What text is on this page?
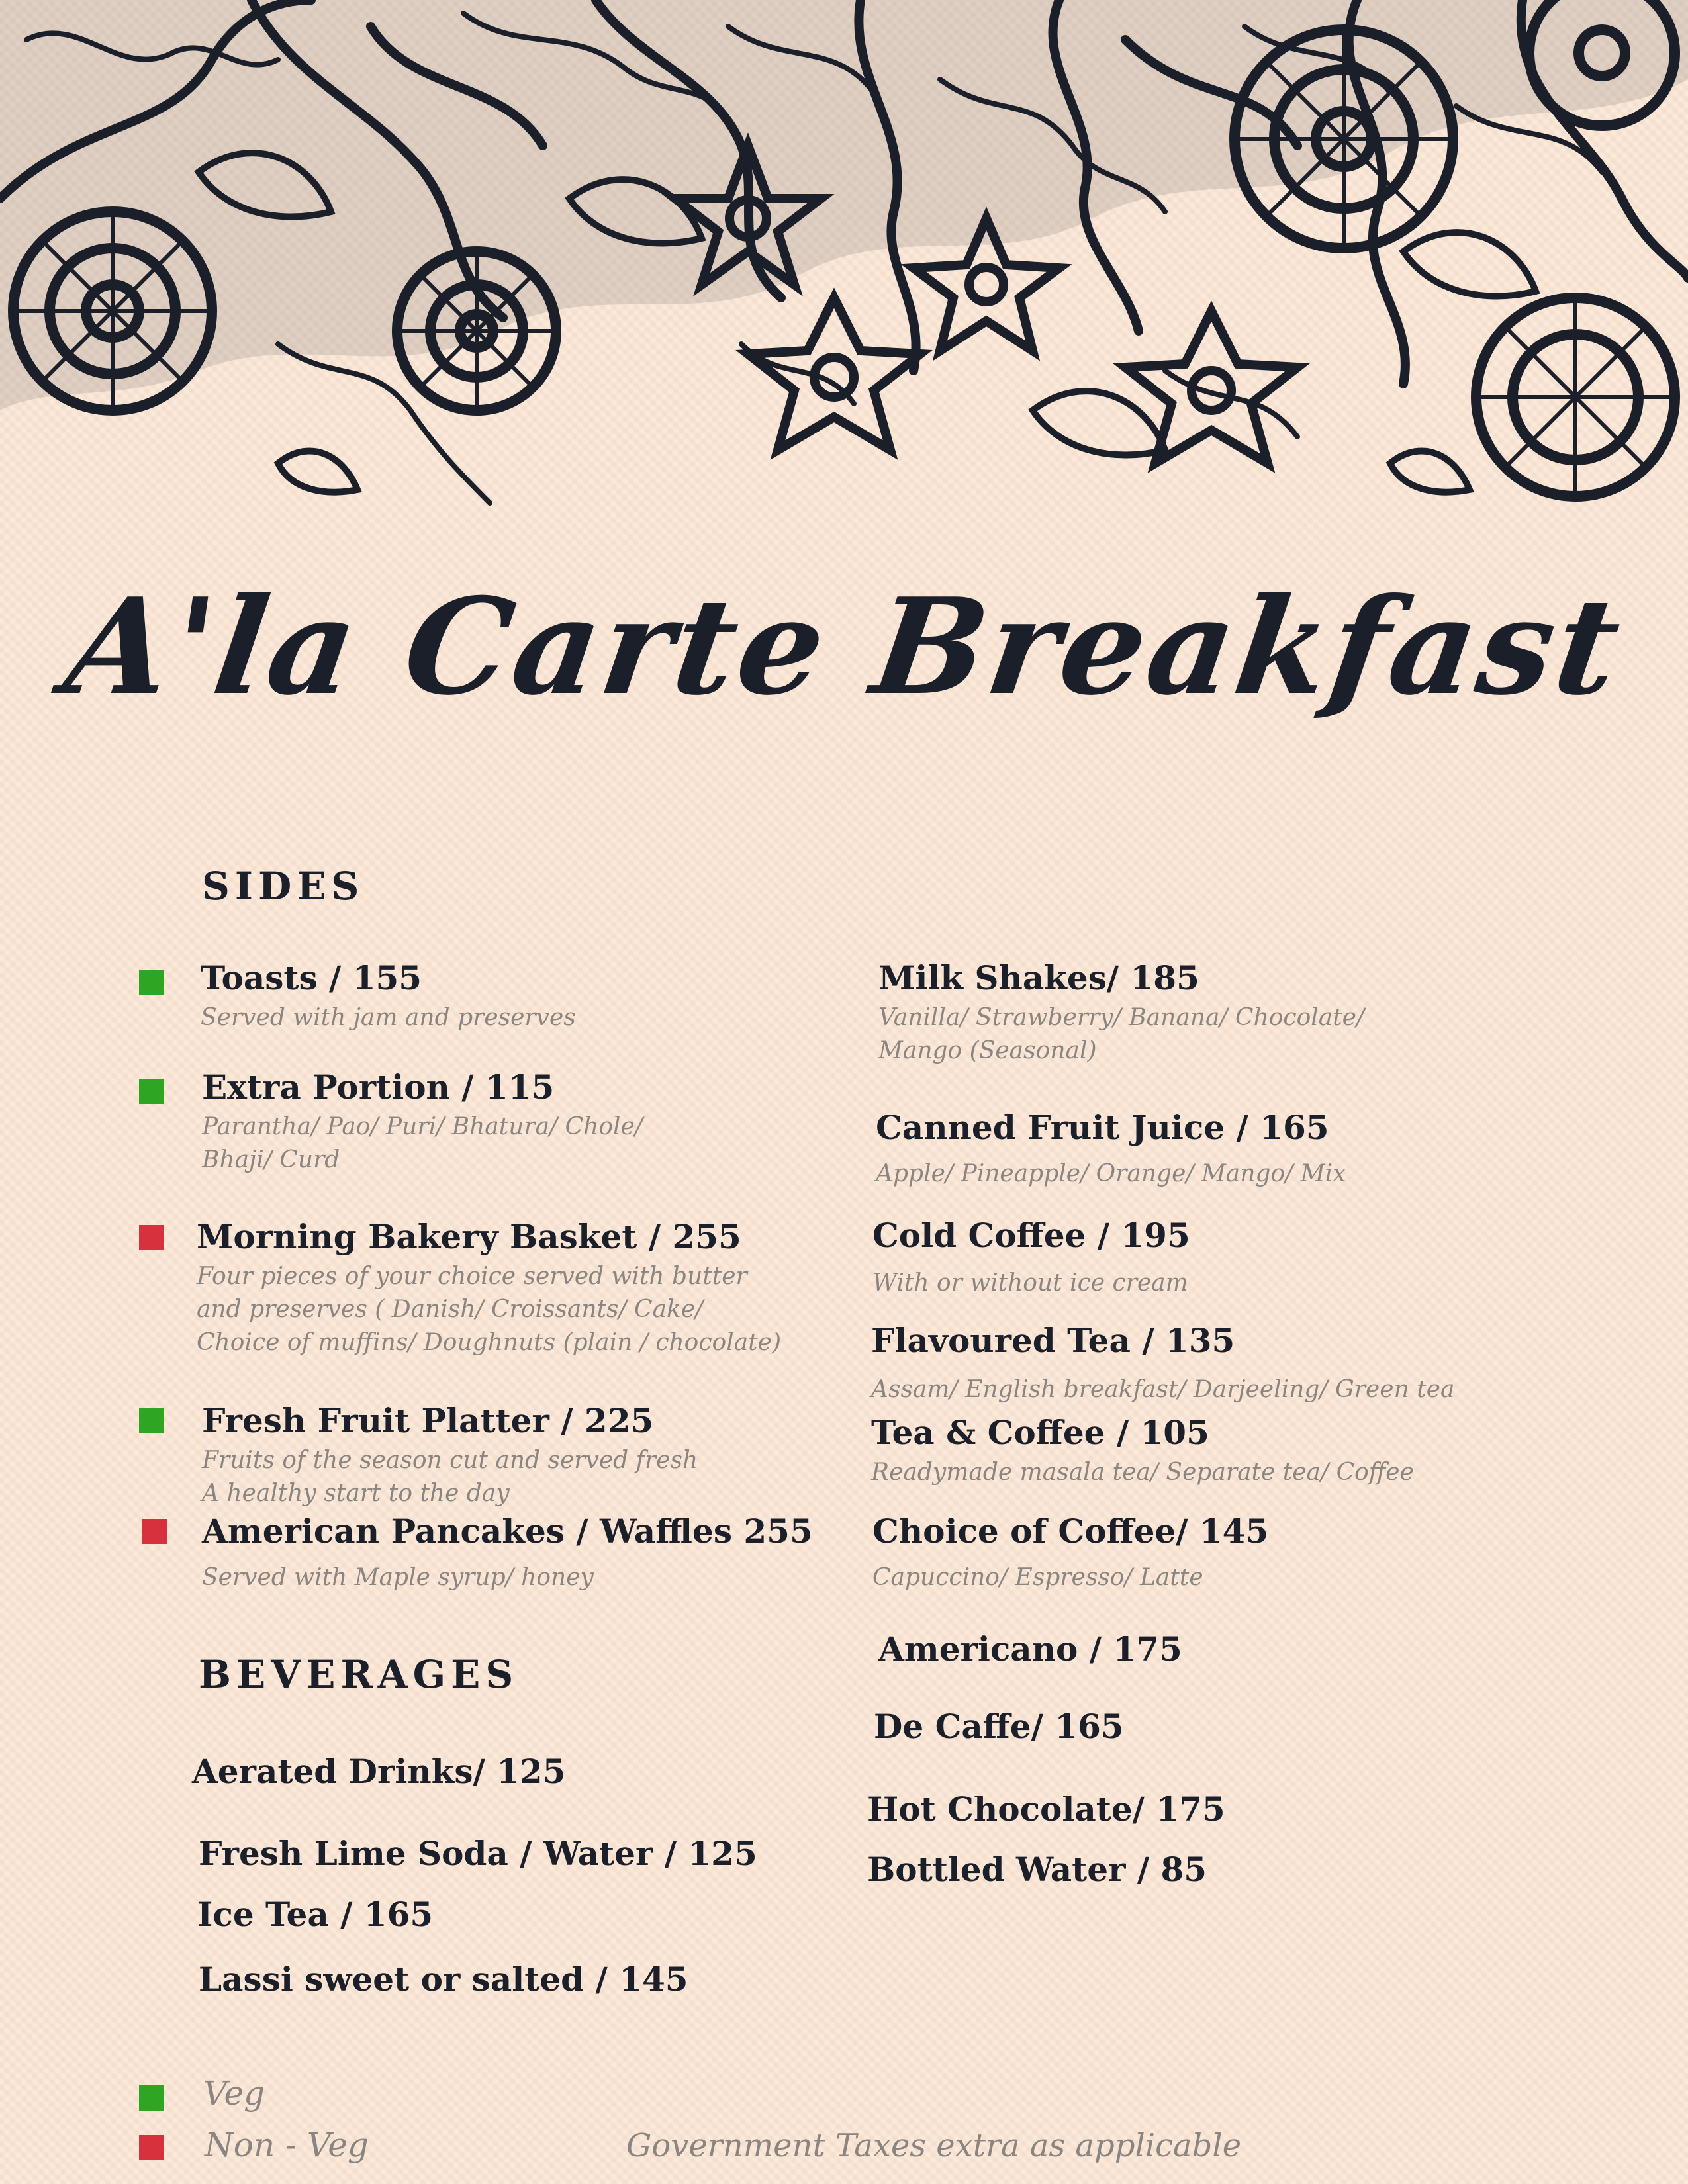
A'la Carte Breakfast
SIDES
Toasts / 155
Served with jam and preserves
Extra Portion / 115
Parantha/ Pao/ Puri/ Bhatura/ Chole/
Bhaji/ Curd
Morning Bakery Basket / 255
Four pieces of your choice served with butter
and preserves ( Danish/ Croissants/ Cake/
Choice of muffins/ Doughnuts (plain / chocolate)
Fresh Fruit Platter / 225
Fruits of the season cut and served fresh
A healthy start to the day
American Pancakes / Waffles 255
Served with Maple syrup/ honey
BEVERAGES
Aerated Drinks/ 125
Fresh Lime Soda / Water / 125
Ice Tea / 165
Lassi sweet or salted / 145
Milk Shakes/ 185
Vanilla/ Strawberry/ Banana/ Chocolate/
Mango (Seasonal)
Canned Fruit Juice / 165
Apple/ Pineapple/ Orange/ Mango/ Mix
Cold Coffee / 195
With or without ice cream
Flavoured Tea / 135
Assam/ English breakfast/ Darjeeling/ Green tea
Tea & Coffee / 105
Readymade masala tea/ Separate tea/ Coffee
Choice of Coffee/ 145
Capuccino/ Espresso/ Latte
Americano / 175
De Caffe/ 165
Hot Chocolate/ 175
Bottled Water / 85
Veg
Non - Veg	Government Taxes extra as applicable
